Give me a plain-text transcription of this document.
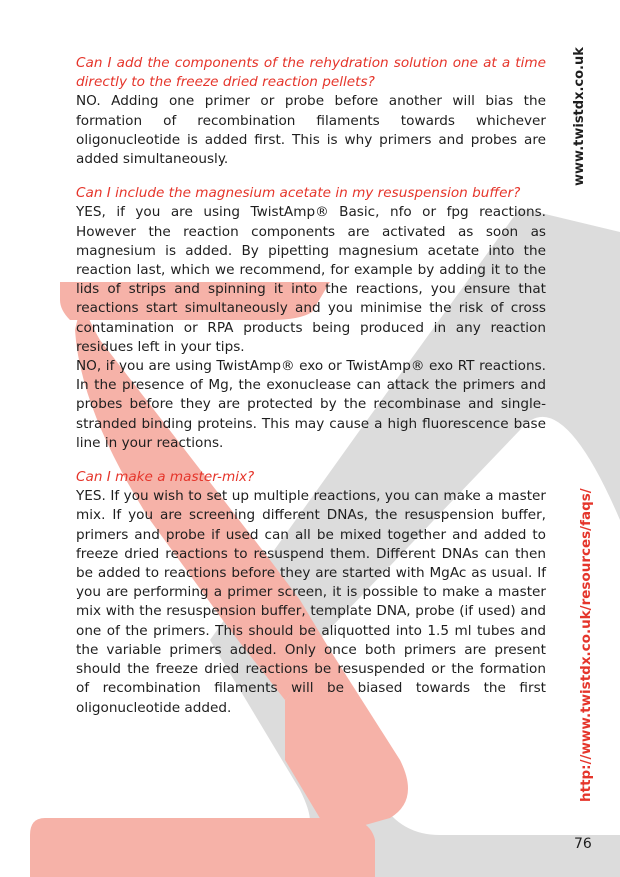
Can I add the components of the rehydration solution one at a time directly to the freeze dried reaction pellets?

NO. Adding one primer or probe before another will bias the formation of recombination filaments towards whichever oligonucleotide is added first. This is why primers and probes are added simultaneously.

Can I include the magnesium acetate in my resuspension buffer?

YES, if you are using TwistAmp® Basic, nfo or fpg reactions. However the reaction components are activated as soon as magnesium is added. By pipetting magnesium acetate into the reaction last, which we recommend, for example by adding it to the lids of strips and spinning it into the reactions, you ensure that reactions start simultaneously and you minimise the risk of cross contamination or RPA products being produced in any reaction residues left in your tips.

NO, if you are using TwistAmp® exo or TwistAmp® exo RT reactions. In the presence of Mg, the exonuclease can attack the primers and probes before they are protected by the recombinase and single-stranded binding proteins. This may cause a high fluorescence base line in your reactions.

Can I make a master-mix?

YES. If you wish to set up multiple reactions, you can make a master mix. If you are screening different DNAs, the resuspension buffer, primers and probe if used can all be mixed together and added to freeze dried reactions to resuspend them. Different DNAs can then be added to reactions before they are started with MgAc as usual. If you are performing a primer screen, it is possible to make a master mix with the resuspension buffer, template DNA, probe (if used) and one of the primers. This should be aliquotted into 1.5 ml tubes and the variable primers added. Only once both primers are present should the freeze dried reactions be resuspended or the formation of recombination filaments will be biased towards the first oligonucleotide added.

www.twistdx.co.uk
http://www.twistdx.co.uk/resources/faqs/
76
